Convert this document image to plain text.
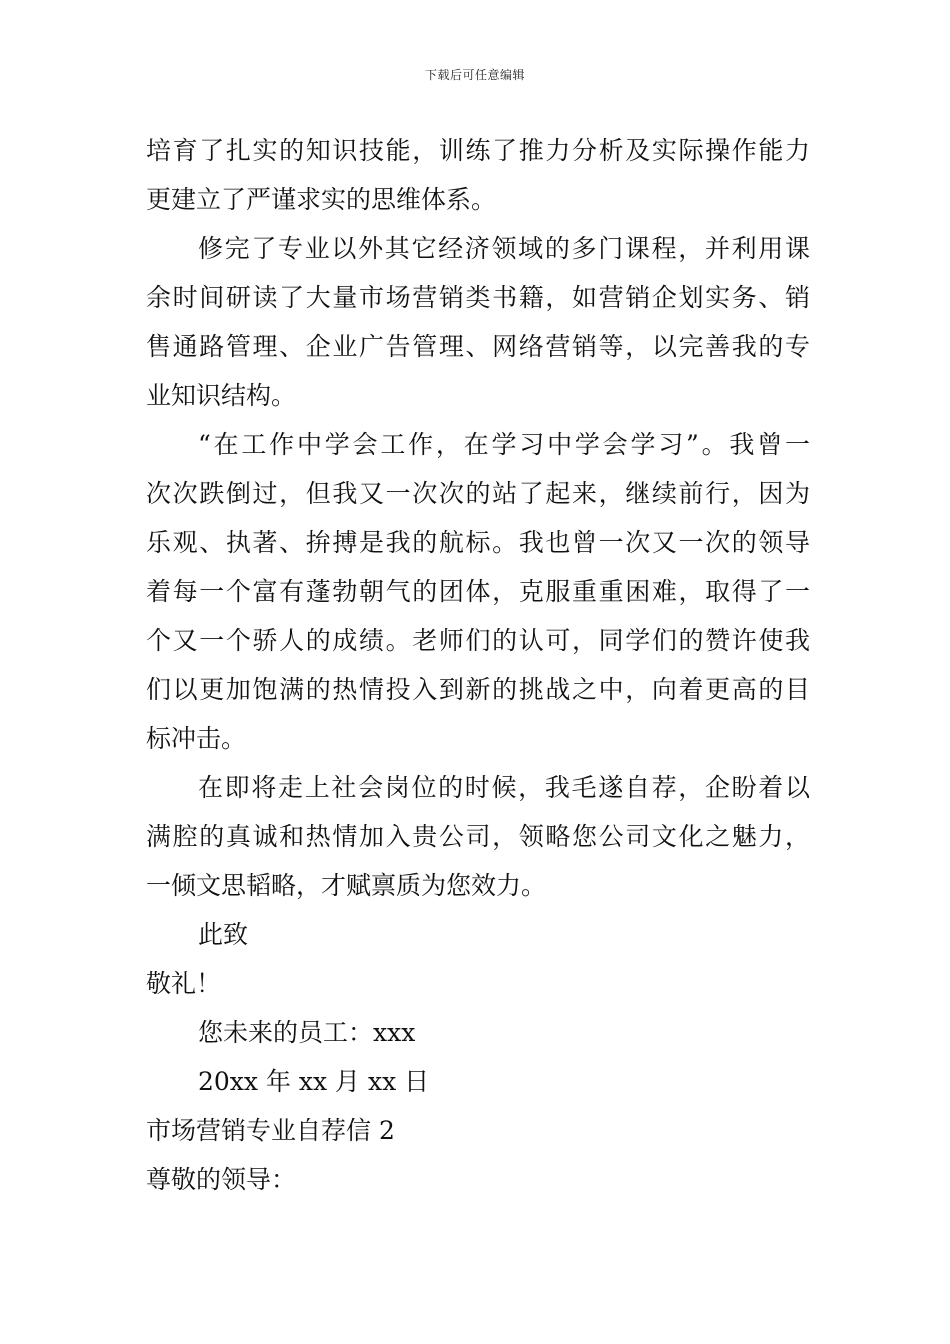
下载后可任意编辑
培育了扎实的知识技能，训练了推力分析及实际操作能力
更建立了严谨求实的思维体系。
修完了专业以外其它经济领域的多门课程，并利用课
余时间研读了大量市场营销类书籍，如营销企划实务、销
售通路管理、企业广告管理、网络营销等，以完善我的专
业知识结构。
“在工作中学会工作，在学习中学会学习”。我曾一
次次跌倒过，但我又一次次的站了起来，继续前行，因为
乐观、执著、拚搏是我的航标。我也曾一次又一次的领导
着每一个富有蓬勃朝气的团体，克服重重困难，取得了一
个又一个骄人的成绩。老师们的认可，同学们的赞许使我
们以更加饱满的热情投入到新的挑战之中，向着更高的目
标冲击。
在即将走上社会岗位的时候，我毛遂自荐，企盼着以
满腔的真诚和热情加入贵公司，领略您公司文化之魅力，
一倾文思韬略，才赋禀质为您效力。
此致
敬礼！
您未来的员工：xxx
20xx 年 xx 月 xx 日
市场营销专业自荐信 2
尊敬的领导：
